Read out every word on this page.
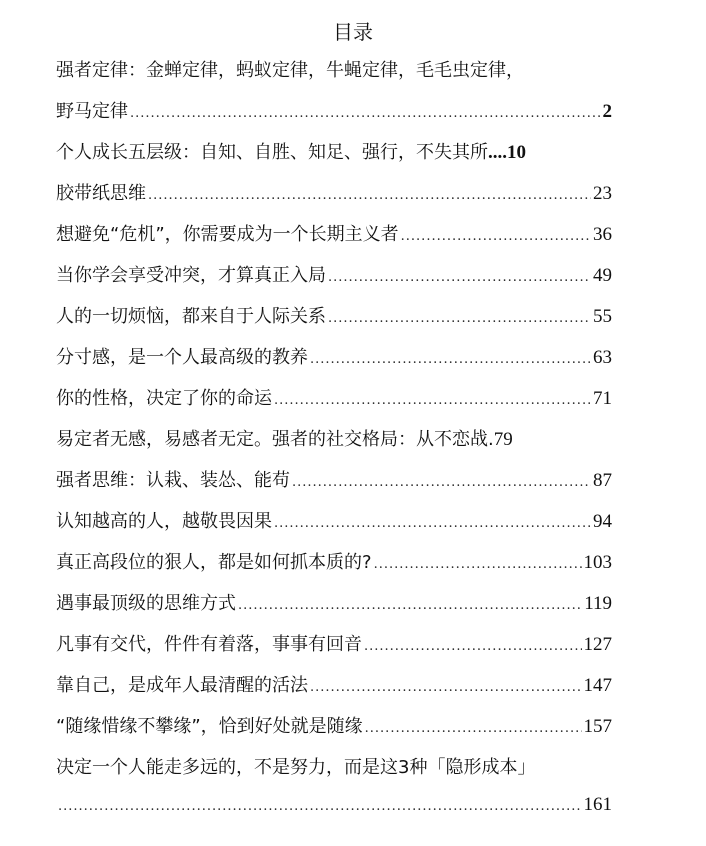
目录
强者定律：金蝉定律，蚂蚁定律，牛蝇定律，毛毛虫定律，
野马定律 .....	2
个人成长五层级：自知、自胜、知足、强行，不失其所 ....10
胶带纸思维 .....	23
想避免“危机”，你需要成为一个长期主义者 .....	36
当你学会享受冲突，才算真正入局 .....	49
人的一切烦恼，都来自于人际关系 .....	55
分寸感，是一个人最高级的教养 .....	63
你的性格，决定了你的命运 .....	71
易定者无感，易感者无定。强者的社交格局：从不恋战. 79
强者思维：认栽、装怂、能苟 .....	87
认知越高的人，越敬畏因果 .....	94
真正高段位的狠人，都是如何抓本质的? .....	103
遇事最顶级的思维方式 .....	119
凡事有交代，件件有着落，事事有回音 .....	127
靠自己，是成年人最清醒的活法 .....	147
“随缘惜缘不攀缘”，恰到好处就是随缘 .....	157
决定一个人能走多远的，不是努力，而是这3种「隐形成本」
.....
161
